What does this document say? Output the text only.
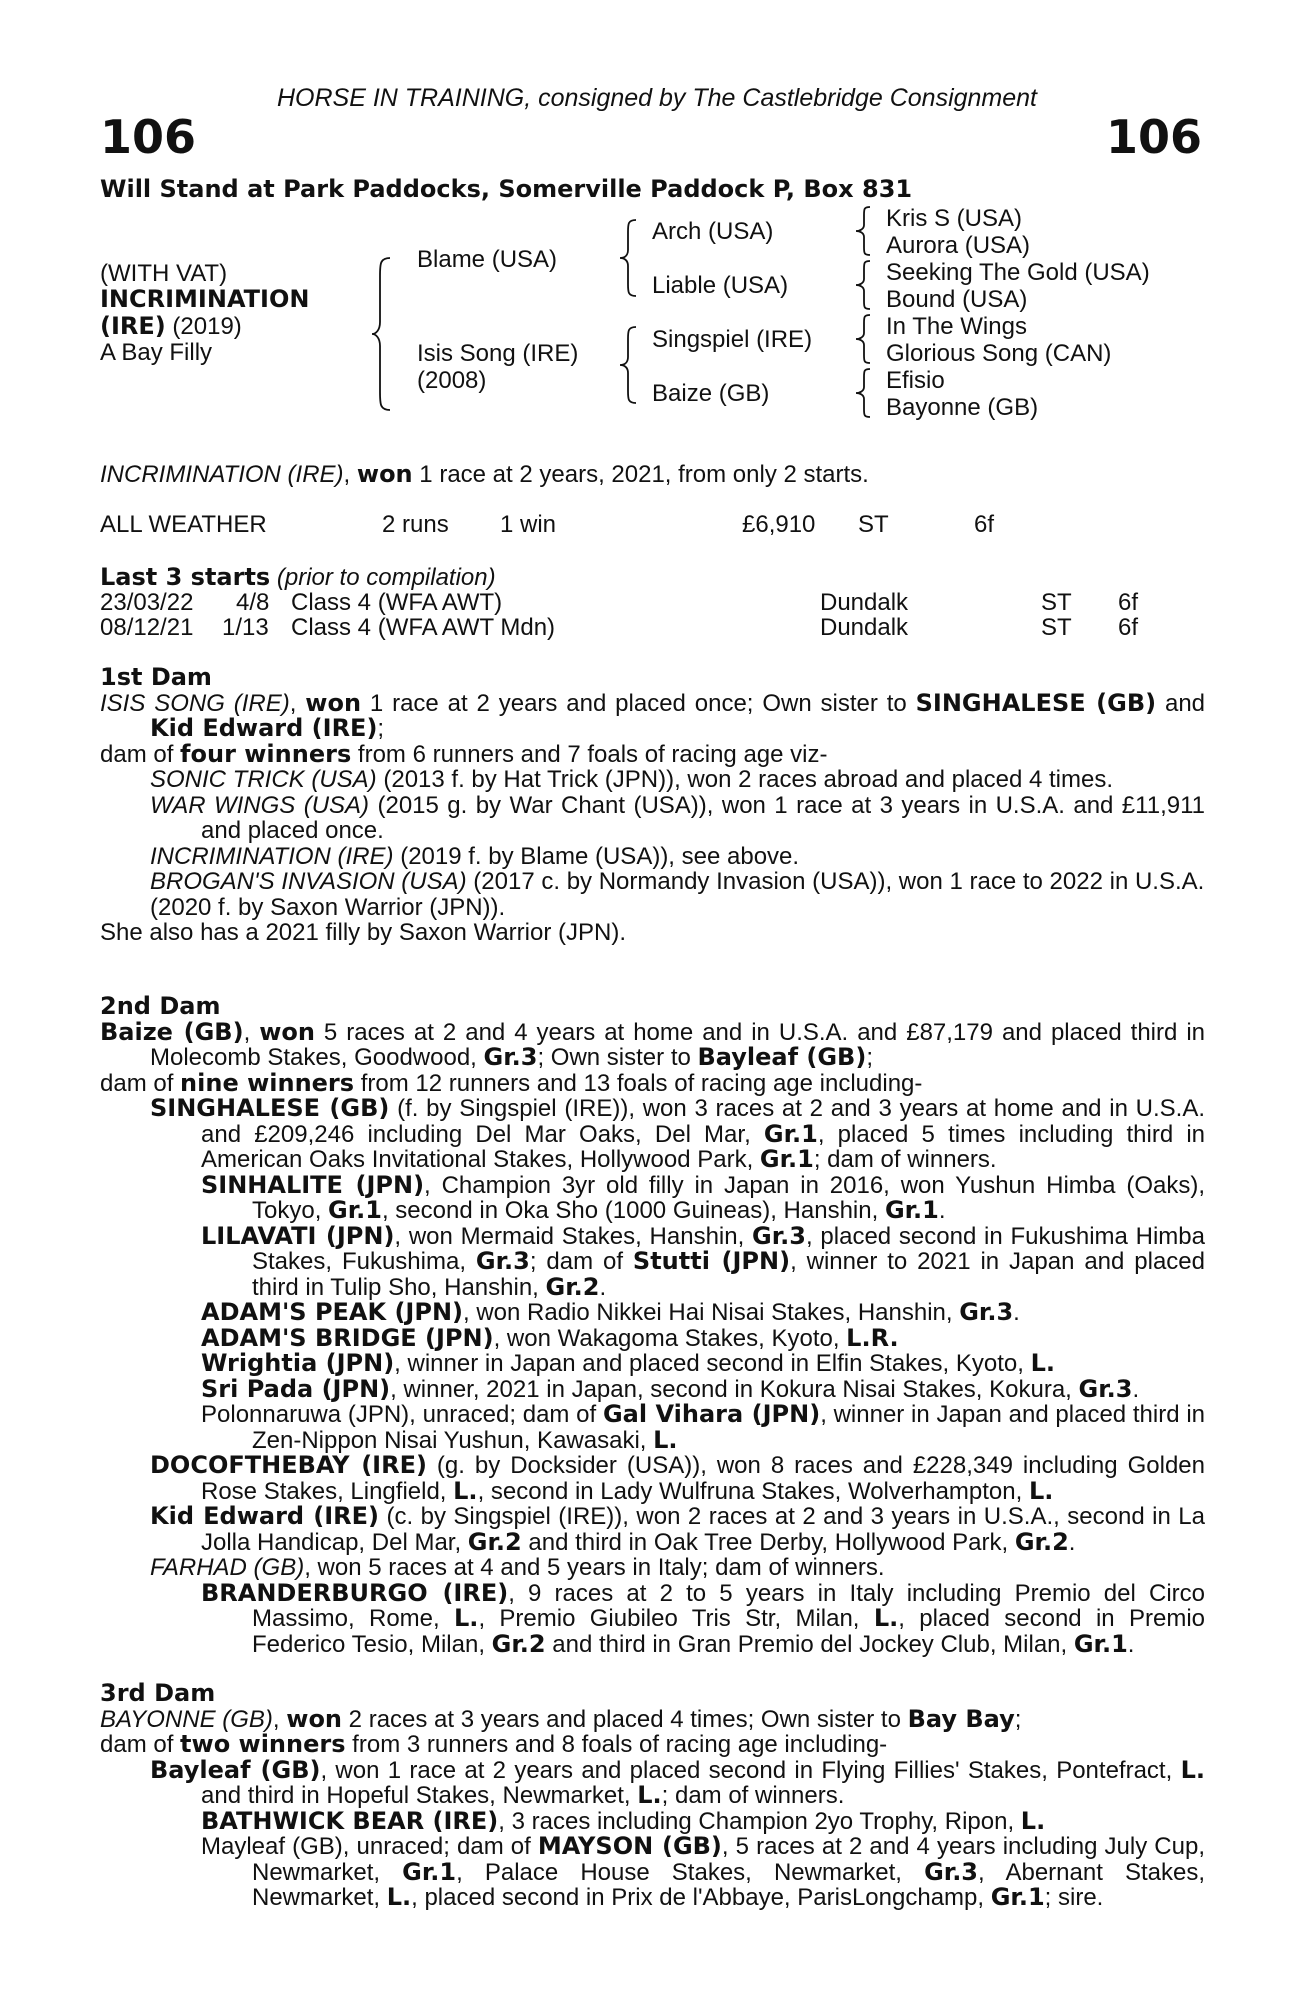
HORSE IN TRAINING, consigned by The Castlebridge Consignment
106	106
Will Stand at Park Paddocks, Somerville Paddock P, Box 831
(WITH VAT)
INCRIMINATION
(IRE) (2019)
A Bay Filly
Blame (USA)
Isis Song (IRE)
(2008)
Arch (USA)
Liable (USA)
Singspiel (IRE)
Baize (GB)
Kris S (USA)
Aurora (USA)
Seeking The Gold (USA)
Bound (USA)
In The Wings
Glorious Song (CAN)
Efisio
Bayonne (GB)
INCRIMINATION (IRE), won 1 race at 2 years, 2021, from only 2 starts.
ALL WEATHER	2 runs 1 win	£6,910 ST	6f
Last 3 starts (prior to compilation)
23/03/22 4/8 Class 4 (WFA AWT)	Dundalk	ST 6f
08/12/21 1/13 Class 4 (WFA AWT Mdn)	Dundalk	ST 6f

1st Dam

ISIS SONG (IRE), won 1 race at 2 years and placed once; Own sister to SINGHALESE (GB) and Kid Edward (IRE);

dam of four winners from 6 runners and 7 foals of racing age viz-

SONIC TRICK (USA) (2013 f. by Hat Trick (JPN)), won 2 races abroad and placed 4 times.

WAR WINGS (USA) (2015 g. by War Chant (USA)), won 1 race at 3 years in U.S.A. and £11,911 and placed once.

INCRIMINATION (IRE) (2019 f. by Blame (USA)), see above.

BROGAN'S INVASION (USA) (2017 c. by Normandy Invasion (USA)), won 1 race to 2022 in U.S.A.

(2020 f. by Saxon Warrior (JPN)).

She also has a 2021 filly by Saxon Warrior (JPN).

2nd Dam

Baize (GB), won 5 races at 2 and 4 years at home and in U.S.A. and £87,179 and placed third in Molecomb Stakes, Goodwood, Gr.3; Own sister to Bayleaf (GB);

dam of nine winners from 12 runners and 13 foals of racing age including-

SINGHALESE (GB) (f. by Singspiel (IRE)), won 3 races at 2 and 3 years at home and in U.S.A. and £209,246 including Del Mar Oaks, Del Mar, Gr.1, placed 5 times including third in American Oaks Invitational Stakes, Hollywood Park, Gr.1; dam of winners.

SINHALITE (JPN), Champion 3yr old filly in Japan in 2016, won Yushun Himba (Oaks), Tokyo, Gr.1, second in Oka Sho (1000 Guineas), Hanshin, Gr.1.

LILAVATI (JPN), won Mermaid Stakes, Hanshin, Gr.3, placed second in Fukushima Himba Stakes, Fukushima, Gr.3; dam of Stutti (JPN), winner to 2021 in Japan and placed third in Tulip Sho, Hanshin, Gr.2.

ADAM'S PEAK (JPN), won Radio Nikkei Hai Nisai Stakes, Hanshin, Gr.3.

ADAM'S BRIDGE (JPN), won Wakagoma Stakes, Kyoto, L.R.

Wrightia (JPN), winner in Japan and placed second in Elfin Stakes, Kyoto, L.

Sri Pada (JPN), winner, 2021 in Japan, second in Kokura Nisai Stakes, Kokura, Gr.3.

Polonnaruwa (JPN), unraced; dam of Gal Vihara (JPN), winner in Japan and placed third in Zen-Nippon Nisai Yushun, Kawasaki, L.

DOCOFTHEBAY (IRE) (g. by Docksider (USA)), won 8 races and £228,349 including Golden Rose Stakes, Lingfield, L., second in Lady Wulfruna Stakes, Wolverhampton, L.

Kid Edward (IRE) (c. by Singspiel (IRE)), won 2 races at 2 and 3 years in U.S.A., second in La Jolla Handicap, Del Mar, Gr.2 and third in Oak Tree Derby, Hollywood Park, Gr.2.

FARHAD (GB), won 5 races at 4 and 5 years in Italy; dam of winners.

BRANDERBURGO (IRE), 9 races at 2 to 5 years in Italy including Premio del Circo Massimo, Rome, L., Premio Giubileo Tris Str, Milan, L., placed second in Premio Federico Tesio, Milan, Gr.2 and third in Gran Premio del Jockey Club, Milan, Gr.1.

3rd Dam

BAYONNE (GB), won 2 races at 3 years and placed 4 times; Own sister to Bay Bay;

dam of two winners from 3 runners and 8 foals of racing age including-

Bayleaf (GB), won 1 race at 2 years and placed second in Flying Fillies' Stakes, Pontefract, L. and third in Hopeful Stakes, Newmarket, L.; dam of winners.

BATHWICK BEAR (IRE), 3 races including Champion 2yo Trophy, Ripon, L.

Mayleaf (GB), unraced; dam of MAYSON (GB), 5 races at 2 and 4 years including July Cup, Newmarket, Gr.1, Palace House Stakes, Newmarket, Gr.3, Abernant Stakes, Newmarket, L., placed second in Prix de l'Abbaye, ParisLongchamp, Gr.1; sire.
